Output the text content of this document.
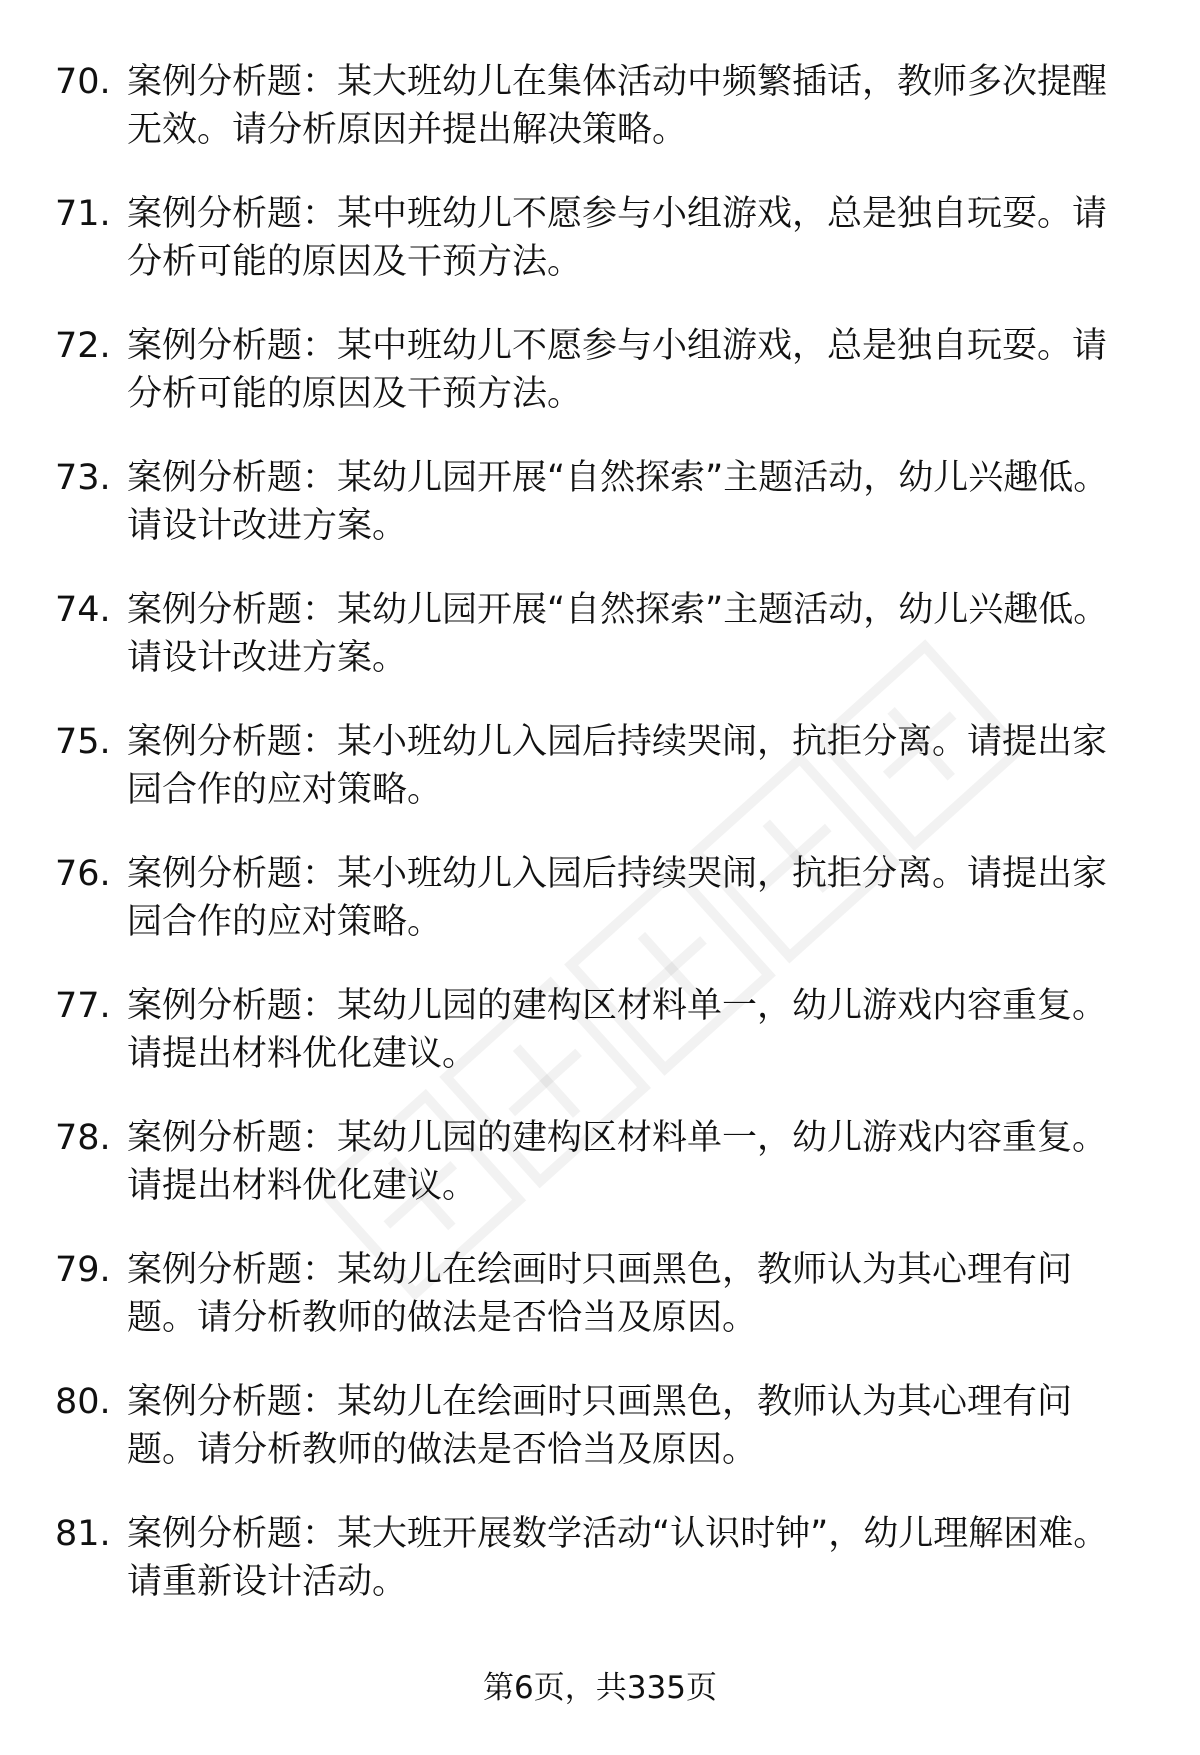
70. 案例分析题：某大班幼儿在集体活动中频繁插话，教师多次提醒无效。请分析原因并提出解决策略。
71. 案例分析题：某中班幼儿不愿参与小组游戏，总是独自玩耍。请分析可能的原因及干预方法。
72. 案例分析题：某中班幼儿不愿参与小组游戏，总是独自玩耍。请分析可能的原因及干预方法。
73. 案例分析题：某幼儿园开展“自然探索”主题活动，幼儿兴趣低。请设计改进方案。
74. 案例分析题：某幼儿园开展“自然探索”主题活动，幼儿兴趣低。请设计改进方案。
75. 案例分析题：某小班幼儿入园后持续哭闹，抗拒分离。请提出家园合作的应对策略。
76. 案例分析题：某小班幼儿入园后持续哭闹，抗拒分离。请提出家园合作的应对策略。
77. 案例分析题：某幼儿园的建构区材料单一，幼儿游戏内容重复。请提出材料优化建议。
78. 案例分析题：某幼儿园的建构区材料单一，幼儿游戏内容重复。请提出材料优化建议。
79. 案例分析题：某幼儿在绘画时只画黑色，教师认为其心理有问题。请分析教师的做法是否恰当及原因。
80. 案例分析题：某幼儿在绘画时只画黑色，教师认为其心理有问题。请分析教师的做法是否恰当及原因。
81. 案例分析题：某大班开展数学活动“认识时钟”，幼儿理解困难。请重新设计活动。
第6页，共335页
